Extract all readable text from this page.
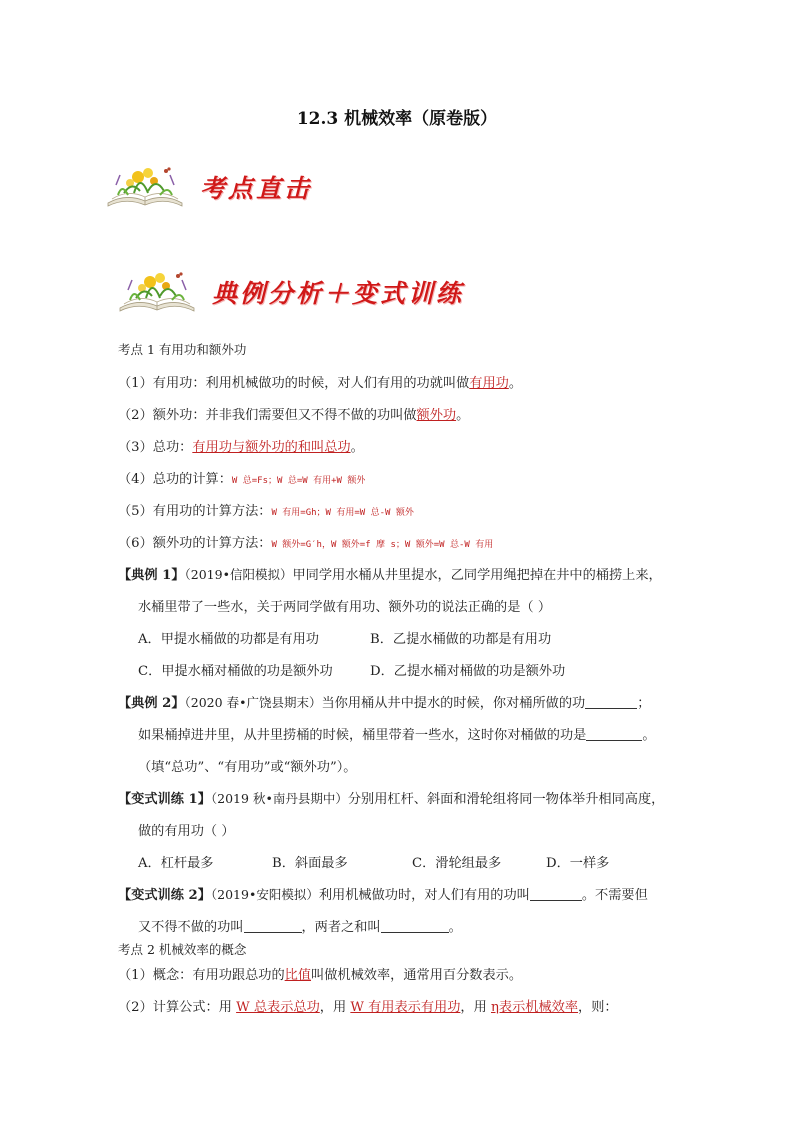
12.3 机械效率（原卷版）
考点直击
典例分析＋变式训练
考点 1 有用功和额外功
（1）有用功：利用机械做功的时候，对人们有用的功就叫做有用功。
（2）额外功：并非我们需要但又不得不做的功叫做额外功。
（3）总功：有用功与额外功的和叫总功。
（4）总功的计算：W 总=Fs；W 总=W 有用+W 额外
（5）有用功的计算方法：W 有用=Gh；W 有用=W 总-W 额外
（6）额外功的计算方法：W 额外=G′h，W 额外=f 摩 s；W 额外=W 总-W 有用
【典例 1】（2019•信阳模拟）甲同学用水桶从井里提水，乙同学用绳把掉在井中的桶捞上来，
水桶里带了一些水，关于两同学做有用功、额外功的说法正确的是（ ）
A．甲提水桶做的功都是有用功	B．乙提水桶做的功都是有用功
C．甲提水桶对桶做的功是额外功	D．乙提水桶对桶做的功是额外功
【典例 2】（2020 春•广饶县期末）当你用桶从井中提水的时候，你对桶所做的功	；
如果桶掉进井里，从井里捞桶的时候，桶里带着一些水，这时你对桶做的功是	。
（填“总功”、“有用功”或“额外功”）。
【变式训练 1】（2019 秋•南丹县期中）分别用杠杆、斜面和滑轮组将同一物体举升相同高度，
做的有用功（ ）
A．杠杆最多	B．斜面最多	C．滑轮组最多	D．一样多
【变式训练 2】（2019•安阳模拟）利用机械做功时，对人们有用的功叫	。不需要但
又不得不做的功叫	，两者之和叫	。
考点 2 机械效率的概念
（1）概念：有用功跟总功的比值叫做机械效率，通常用百分数表示。
（2）计算公式：用 W 总表示总功，用 W 有用表示有用功，用 η表示机械效率，则：
